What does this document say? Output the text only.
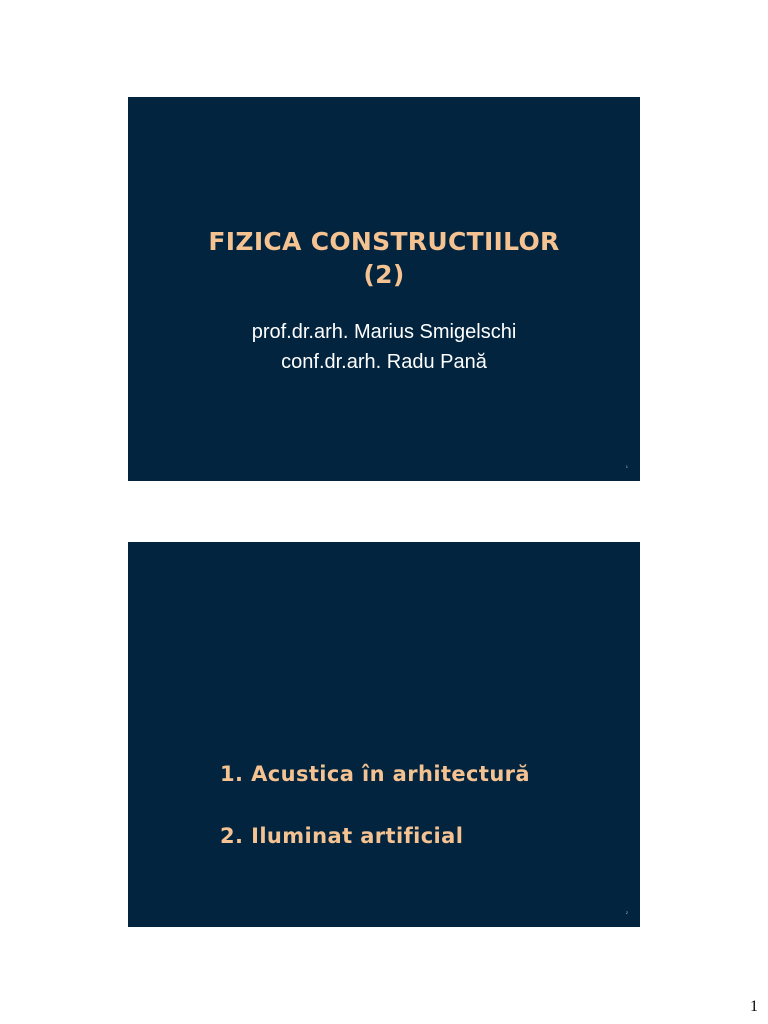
FIZICA CONSTRUCTIILOR
(2)
prof.dr.arh. Marius Smigelschi
conf.dr.arh. Radu Pană
1
1. Acustica în arhitectură
2. Iluminat artificial
2
1
